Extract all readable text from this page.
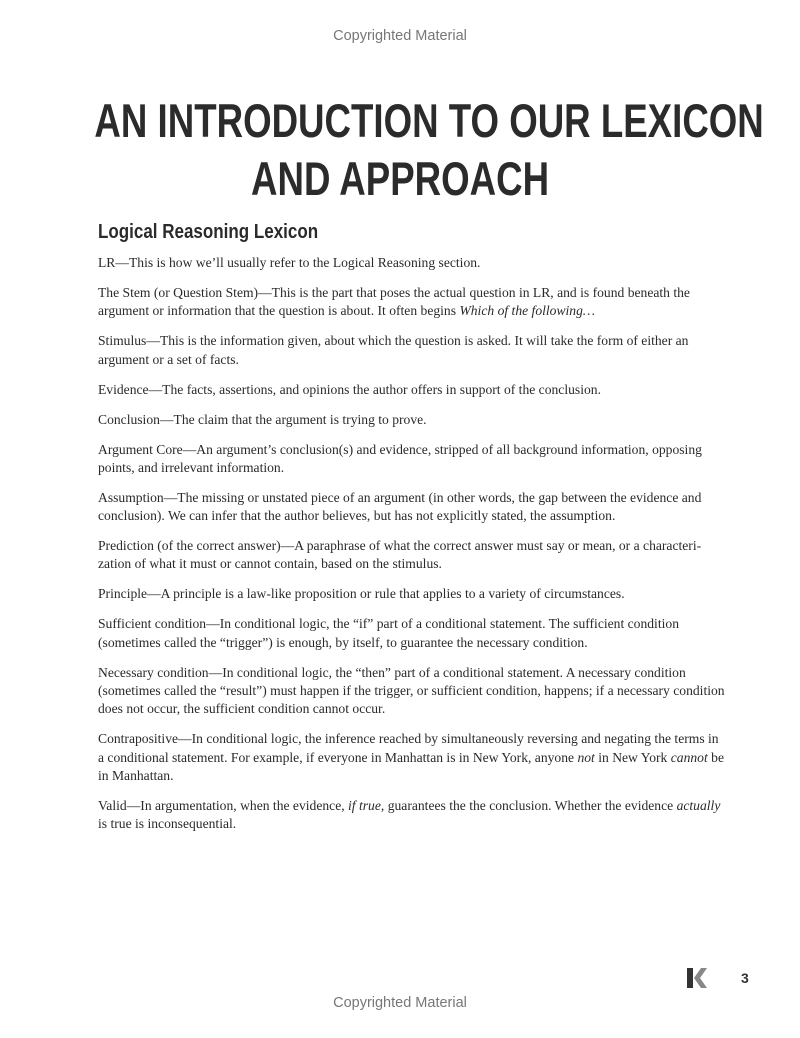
Copyrighted Material
AN INTRODUCTION TO OUR LEXICON
AND APPROACH
Logical Reasoning Lexicon

LR—This is how we’ll usually refer to the Logical Reasoning section.

The Stem (or Question Stem)—This is the part that poses the actual question in LR, and is found beneath the argument or information that the question is about. It often begins Which of the following…

Stimulus—This is the information given, about which the question is asked. It will take the form of either an argument or a set of facts.

Evidence—The facts, assertions, and opinions the author offers in support of the conclusion.

Conclusion—The claim that the argument is trying to prove.

Argument Core—An argument’s conclusion(s) and evidence, stripped of all background information, opposing points, and irrelevant information.

Assumption—The missing or unstated piece of an argument (in other words, the gap between the evidence and conclusion). We can infer that the author believes, but has not explicitly stated, the assumption.

Prediction (of the correct answer)—A paraphrase of what the correct answer must say or mean, or a characteri-zation of what it must or cannot contain, based on the stimulus.

Principle—A principle is a law-like proposition or rule that applies to a variety of circumstances.

Sufficient condition—In conditional logic, the “if” part of a conditional statement. The sufficient condition (sometimes called the “trigger”) is enough, by itself, to guarantee the necessary condition.

Necessary condition—In conditional logic, the “then” part of a conditional statement. A necessary condition (sometimes called the “result”) must happen if the trigger, or sufficient condition, happens; if a necessary condition does not occur, the sufficient condition cannot occur.

Contrapositive—In conditional logic, the inference reached by simultaneously reversing and negating the terms in a conditional statement. For example, if everyone in Manhattan is in New York, anyone not in New York cannot be in Manhattan.

Valid—In argumentation, when the evidence, if true, guarantees the the conclusion. Whether the evidence actually is true is inconsequential.

3
Copyrighted Material
